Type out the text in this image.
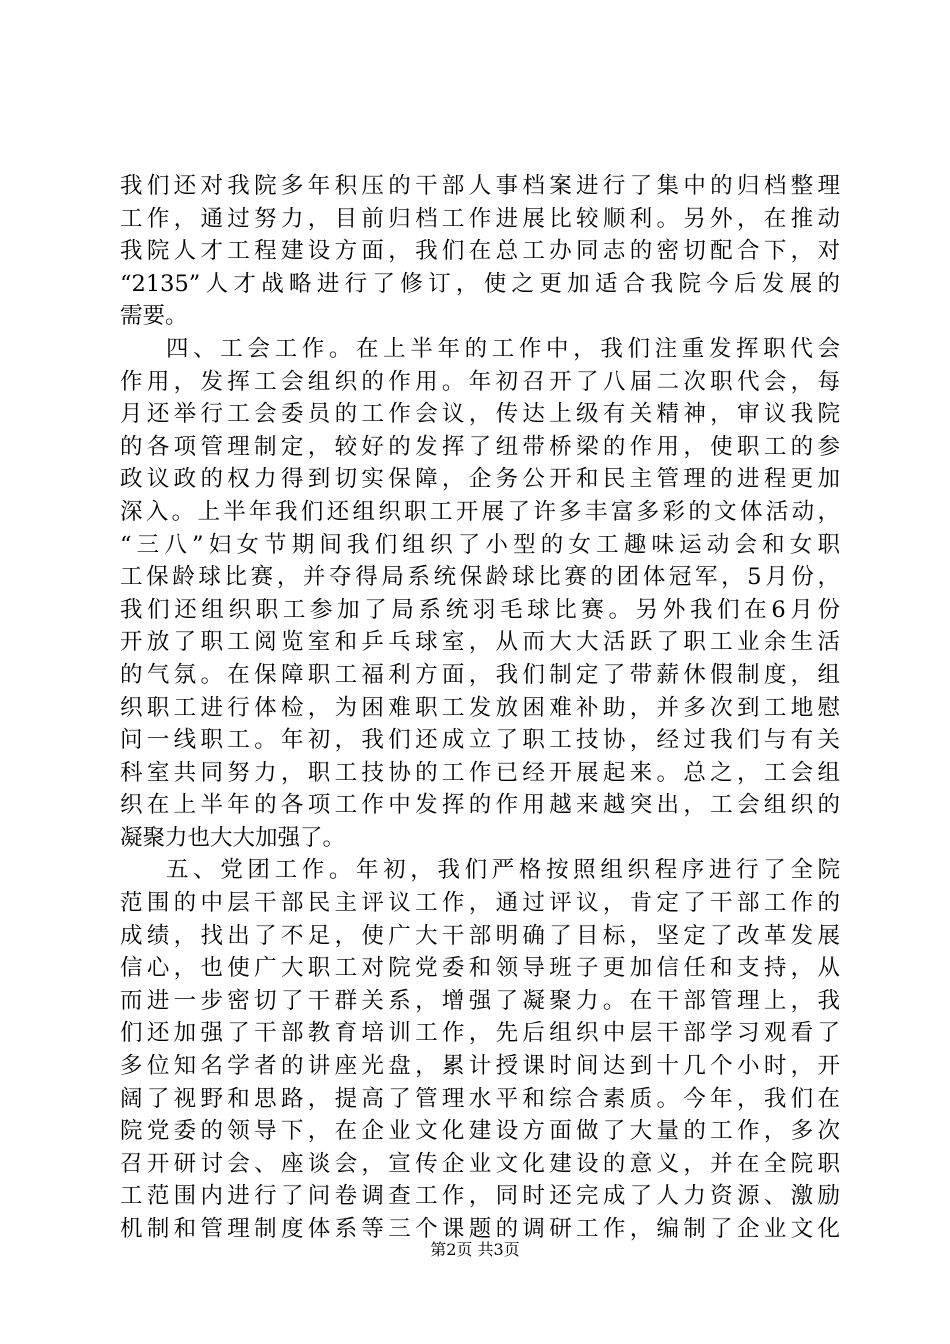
我们还对我院多年积压的干部人事档案进行了集中的归档整理
工作，通过努力，目前归档工作进展比较顺利。另外，在推动
我院人才工程建设方面，我们在总工办同志的密切配合下，对
“2135”人才战略进行了修订，使之更加适合我院今后发展的
需要。
四、工会工作。在上半年的工作中，我们注重发挥职代会
作用，发挥工会组织的作用。年初召开了八届二次职代会，每
月还举行工会委员的工作会议，传达上级有关精神，审议我院
的各项管理制定，较好的发挥了纽带桥梁的作用，使职工的参
政议政的权力得到切实保障，企务公开和民主管理的进程更加
深入。上半年我们还组织职工开展了许多丰富多彩的文体活动，
“三八”妇女节期间我们组织了小型的女工趣味运动会和女职
工保龄球比赛，并夺得局系统保龄球比赛的团体冠军，5月份，
我们还组织职工参加了局系统羽毛球比赛。另外我们在6月份
开放了职工阅览室和乒乓球室，从而大大活跃了职工业余生活
的气氛。在保障职工福利方面，我们制定了带薪休假制度，组
织职工进行体检，为困难职工发放困难补助，并多次到工地慰
问一线职工。年初，我们还成立了职工技协，经过我们与有关
科室共同努力，职工技协的工作已经开展起来。总之，工会组
织在上半年的各项工作中发挥的作用越来越突出，工会组织的
凝聚力也大大加强了。
五、党团工作。年初，我们严格按照组织程序进行了全院
范围的中层干部民主评议工作，通过评议，肯定了干部工作的
成绩，找出了不足，使广大干部明确了目标，坚定了改革发展
信心，也使广大职工对院党委和领导班子更加信任和支持，从
而进一步密切了干群关系，增强了凝聚力。在干部管理上，我
们还加强了干部教育培训工作，先后组织中层干部学习观看了
多位知名学者的讲座光盘，累计授课时间达到十几个小时，开
阔了视野和思路，提高了管理水平和综合素质。今年，我们在
院党委的领导下，在企业文化建设方面做了大量的工作，多次
召开研讨会、座谈会，宣传企业文化建设的意义，并在全院职
工范围内进行了问卷调查工作，同时还完成了人力资源、激励
机制和管理制度体系等三个课题的调研工作，编制了企业文化
第2页 共3页
